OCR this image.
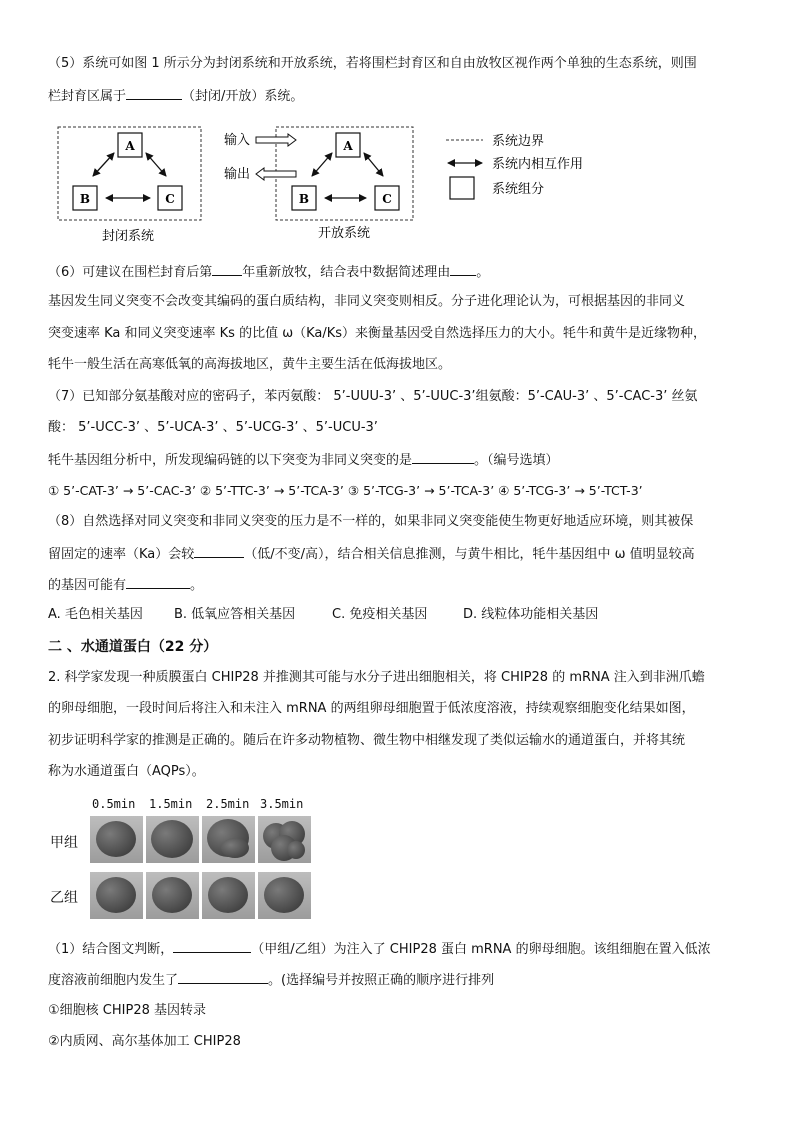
（5）系统可如图 1 所示分为封闭系统和开放系统，若将围栏封育区和自由放牧区视作两个单独的生态系统，则围
栏封育区属于	（封闭/开放）系统。
A
B	C
封闭系统
A
B	C
输入
输出
开放系统
系统边界
系统内相互作用
系统组分
（6）可建议在围栏封育后第 年重新放牧，结合表中数据简述理由 。
基因发生同义突变不会改变其编码的蛋白质结构，非同义突变则相反。分子进化理论认为，可根据基因的非同义
突变速率 Ka 和同义突变速率 Ks 的比值 ω（Ka/Ks）来衡量基因受自然选择压力的大小。牦牛和黄牛是近缘物种，
牦牛一般生活在高寒低氧的高海拔地区，黄牛主要生活在低海拔地区。
（7）已知部分氨基酸对应的密码子，苯丙氨酸： 5’-UUU-3’ 、5’-UUC-3’组氨酸：5’-CAU-3’ 、5’-CAC-3’ 丝氨
酸： 5’-UCC-3’ 、5’-UCA-3’ 、5’-UCG-3’ 、5’-UCU-3’
牦牛基因组分析中，所发现编码链的以下突变为非同义突变的是	。（编号选填）
① 5’-CAT-3’ → 5’-CAC-3’ ② 5’-TTC-3’ → 5’-TCA-3’ ③ 5’-TCG-3’ → 5’-TCA-3’ ④ 5’-TCG-3’ → 5’-TCT-3’
（8）自然选择对同义突变和非同义突变的压力是不一样的，如果非同义突变能使生物更好地适应环境，则其被保
留固定的速率（Ka）会较	（低/不变/高），结合相关信息推测，与黄牛相比，牦牛基因组中 ω 值明显较高
的基因可能有	。
A. 毛色相关基因 B. 低氧应答相关基因	C. 免疫相关基因	D. 线粒体功能相关基因
二 、水通道蛋白（22 分）
2. 科学家发现一种质膜蛋白 CHIP28 并推测其可能与水分子进出细胞相关，将 CHIP28 的 mRNA 注入到非洲爪蟾
的卵母细胞，一段时间后将注入和未注入 mRNA 的两组卵母细胞置于低浓度溶液，持续观察细胞变化结果如图，
初步证明科学家的推测是正确的。随后在许多动物植物、微生物中相继发现了类似运输水的通道蛋白，并将其统
称为水通道蛋白（AQPs）。
0.5min 1.5min 2.5min 3.5min
甲组
乙组
（1）结合图文判断，	（甲组/乙组）为注入了 CHIP28 蛋白 mRNA 的卵母细胞。该组细胞在置入低浓
度溶液前细胞内发生了	。(选择编号并按照正确的顺序进行排列
①细胞核 CHIP28 基因转录
②内质网、高尔基体加工 CHIP28
